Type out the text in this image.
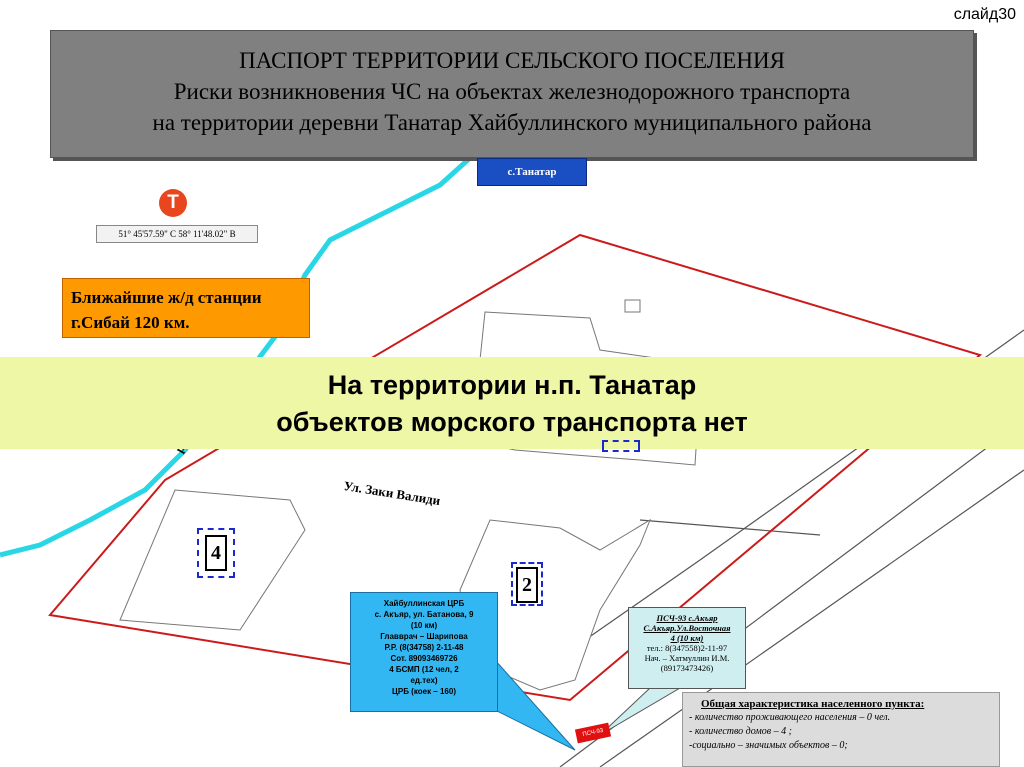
слайд30
ПАСПОРТ ТЕРРИТОРИИ СЕЛЬСКОГО ПОСЕЛЕНИЯ
Риски возникновения ЧС на объектах железнодорожного транспорта
на территории деревни Танатар Хайбуллинского муниципального района
с.Танатар
T
51° 45'57.59" С 58° 11'48.02" В
Ближайшие ж/д станции
г.Сибай 120 км.
На территории н.п. Танатар
объектов морского транспорта нет
Ул. Заки Валиди
4
2
Хайбуллинская ЦРБ
с. Акъяр, ул. Батанова, 9
(10 км)
Главврач – Шарипова
Р.Р. (8(34758) 2-11-48
Сот. 89093469726
4 БСМП (12 чел, 2
ед.тех)
ЦРБ (коек – 160)
ПСЧ-93 с.Акъяр
С.Акъяр.Ул.Восточная
4 (10 км)
тел.: 8(347558)2-11-97
Нач. – Хатмуллин И.М.
(89173473426)
ПСЧ-93
Общая характеристика населенного пункта:
- количество проживающего населения – 0 чел.
- количество домов – 4 ;
-социально – значимых объектов – 0;
